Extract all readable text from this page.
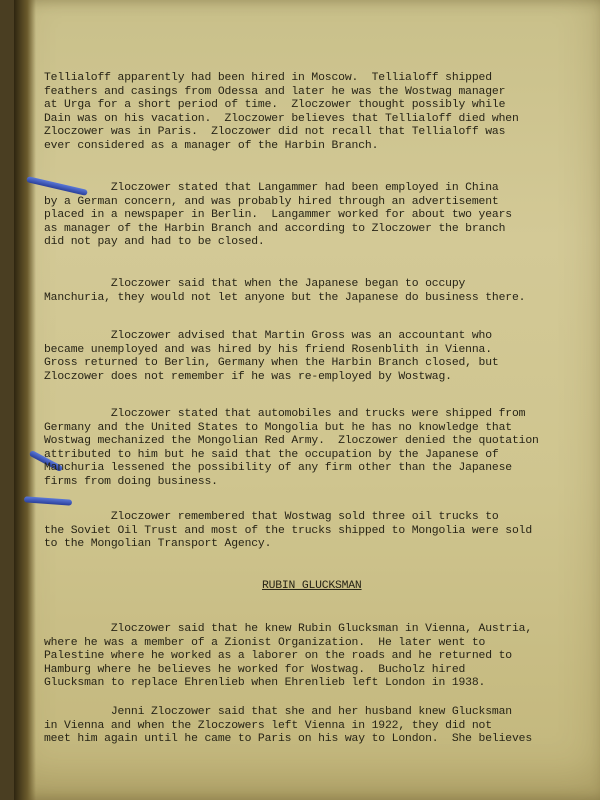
Tellialoff apparently had been hired in Moscow.  Tellialoff shipped
feathers and casings from Odessa and later he was the Wostwag manager
at Urga for a short period of time.  Zloczower thought possibly while
Dain was on his vacation.  Zloczower believes that Tellialoff died when
Zloczower was in Paris.  Zloczower did not recall that Tellialoff was
ever considered as a manager of the Harbin Branch.
Zloczower stated that Langammer had been employed in China
by a German concern, and was probably hired through an advertisement
placed in a newspaper in Berlin.  Langammer worked for about two years
as manager of the Harbin Branch and according to Zloczower the branch
did not pay and had to be closed.
Zloczower said that when the Japanese began to occupy
Manchuria, they would not let anyone but the Japanese do business there.
Zloczower advised that Martin Gross was an accountant who
became unemployed and was hired by his friend Rosenblith in Vienna.
Gross returned to Berlin, Germany when the Harbin Branch closed, but
Zloczower does not remember if he was re-employed by Wostwag.
Zloczower stated that automobiles and trucks were shipped from
Germany and the United States to Mongolia but he has no knowledge that
Wostwag mechanized the Mongolian Red Army.  Zloczower denied the quotation
attributed to him but he said that the occupation by the Japanese of
Manchuria lessened the possibility of any firm other than the Japanese
firms from doing business.
Zloczower remembered that Wostwag sold three oil trucks to
the Soviet Oil Trust and most of the trucks shipped to Mongolia were sold
to the Mongolian Transport Agency.
RUBIN GLUCKSMAN
Zloczower said that he knew Rubin Glucksman in Vienna, Austria,
where he was a member of a Zionist Organization.  He later went to
Palestine where he worked as a laborer on the roads and he returned to
Hamburg where he believes he worked for Wostwag.  Bucholz hired
Glucksman to replace Ehrenlieb when Ehrenlieb left London in 1938.
Jenni Zloczower said that she and her husband knew Glucksman
in Vienna and when the Zloczowers left Vienna in 1922, they did not
meet him again until he came to Paris on his way to London.  She believes
